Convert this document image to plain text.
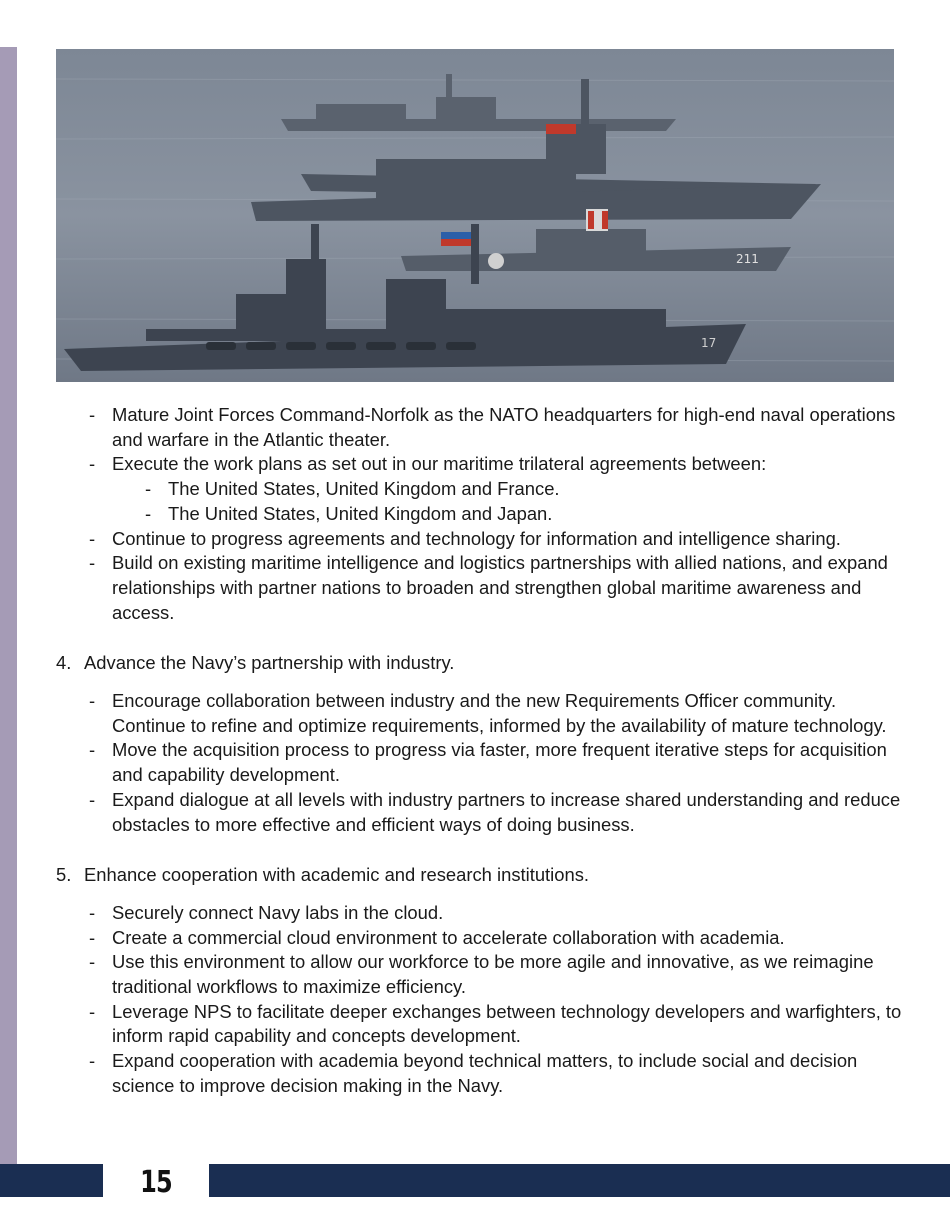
211
17
- Mature Joint Forces Command-Norfolk as the NATO headquarters for high-end naval operations and warfare in the Atlantic theater.
- Execute the work plans as set out in our maritime trilateral agreements between:
- The United States, United Kingdom and France.
- The United States, United Kingdom and Japan.
- Continue to progress agreements and technology for information and intelligence sharing.
- Build on existing maritime intelligence and logistics partnerships with allied nations, and expand relationships with partner nations to broaden and strengthen global maritime awareness and access.
4. Advance the Navy’s partnership with industry.
- Encourage collaboration between industry and the new Requirements Officer community. Continue to refine and optimize requirements, informed by the availability of mature technology.
- Move the acquisition process to progress via faster, more frequent iterative steps for acquisition and capability development.
- Expand dialogue at all levels with industry partners to increase shared understanding and reduce obstacles to more effective and efficient ways of doing business.
5. Enhance cooperation with academic and research institutions.
- Securely connect Navy labs in the cloud.
- Create a commercial cloud environment to accelerate collaboration with academia.
- Use this environment to allow our workforce to be more agile and innovative, as we reimagine traditional workflows to maximize efficiency.
- Leverage NPS to facilitate deeper exchanges between technology developers and warfighters, to inform rapid capability and concepts development.
- Expand cooperation with academia beyond technical matters, to include social and decision science to improve decision making in the Navy.
15
